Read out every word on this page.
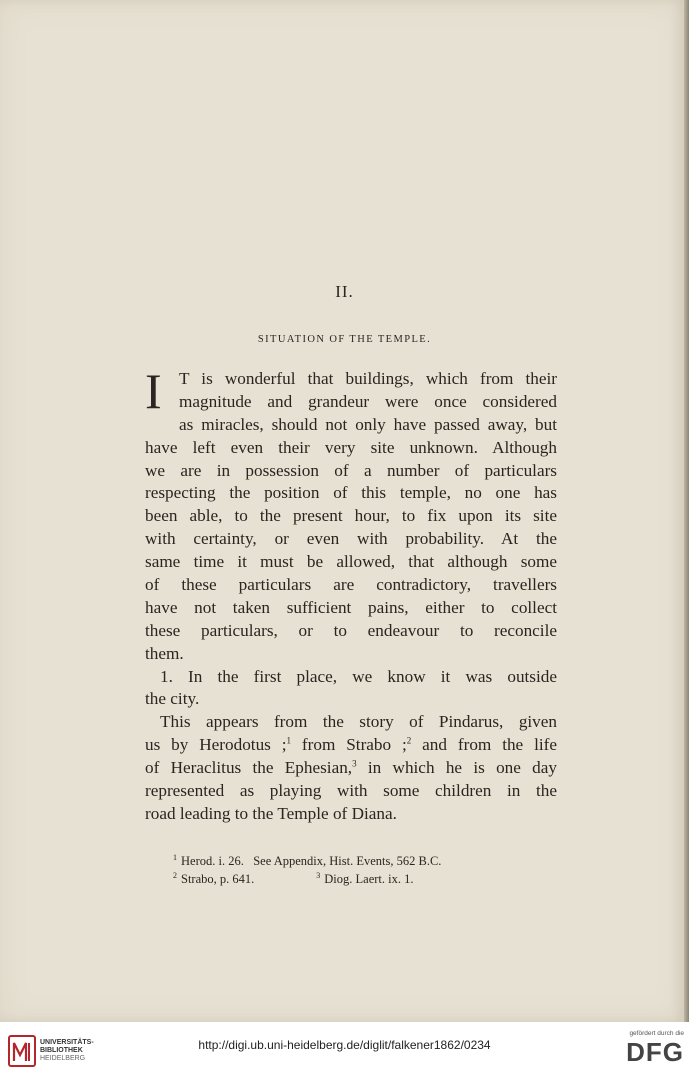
II.
SITUATION OF THE TEMPLE.
I	T is wonderful that buildings, which from their
magnitude and grandeur were once considered
as miracles, should not only have passed away, but
have left even their very site unknown. Although
we are in possession of a number of particulars
respecting the position of this temple, no one has
been able, to the present hour, to fix upon its site
with certainty, or even with probability. At the
same time it must be allowed, that although some
of these particulars are contradictory, travellers
have not taken sufficient pains, either to collect
these particulars, or to endeavour to reconcile
them.
1. In the first place, we know it was outside
the city.
This appears from the story of Pindarus, given
us by Herodotus ;$^1$ from Strabo ;$^2$ and from the life
of Heraclitus the Ephesian,$^3$ in which he is one day
represented as playing with some children in the
road leading to the Temple of Diana.
$^1$ Herod. i. 26.   See Appendix, Hist. Events, 562 B.C.
$^2$ Strabo, p. 641.	$^3$ Diog. Laert. ix. 1.
UNIVERSITÄTS-
BIBLIOTHEK
HEIDELBERG
http://digi.ub.uni-heidelberg.de/diglit/falkener1862/0234
gefördert durch die
DFG
